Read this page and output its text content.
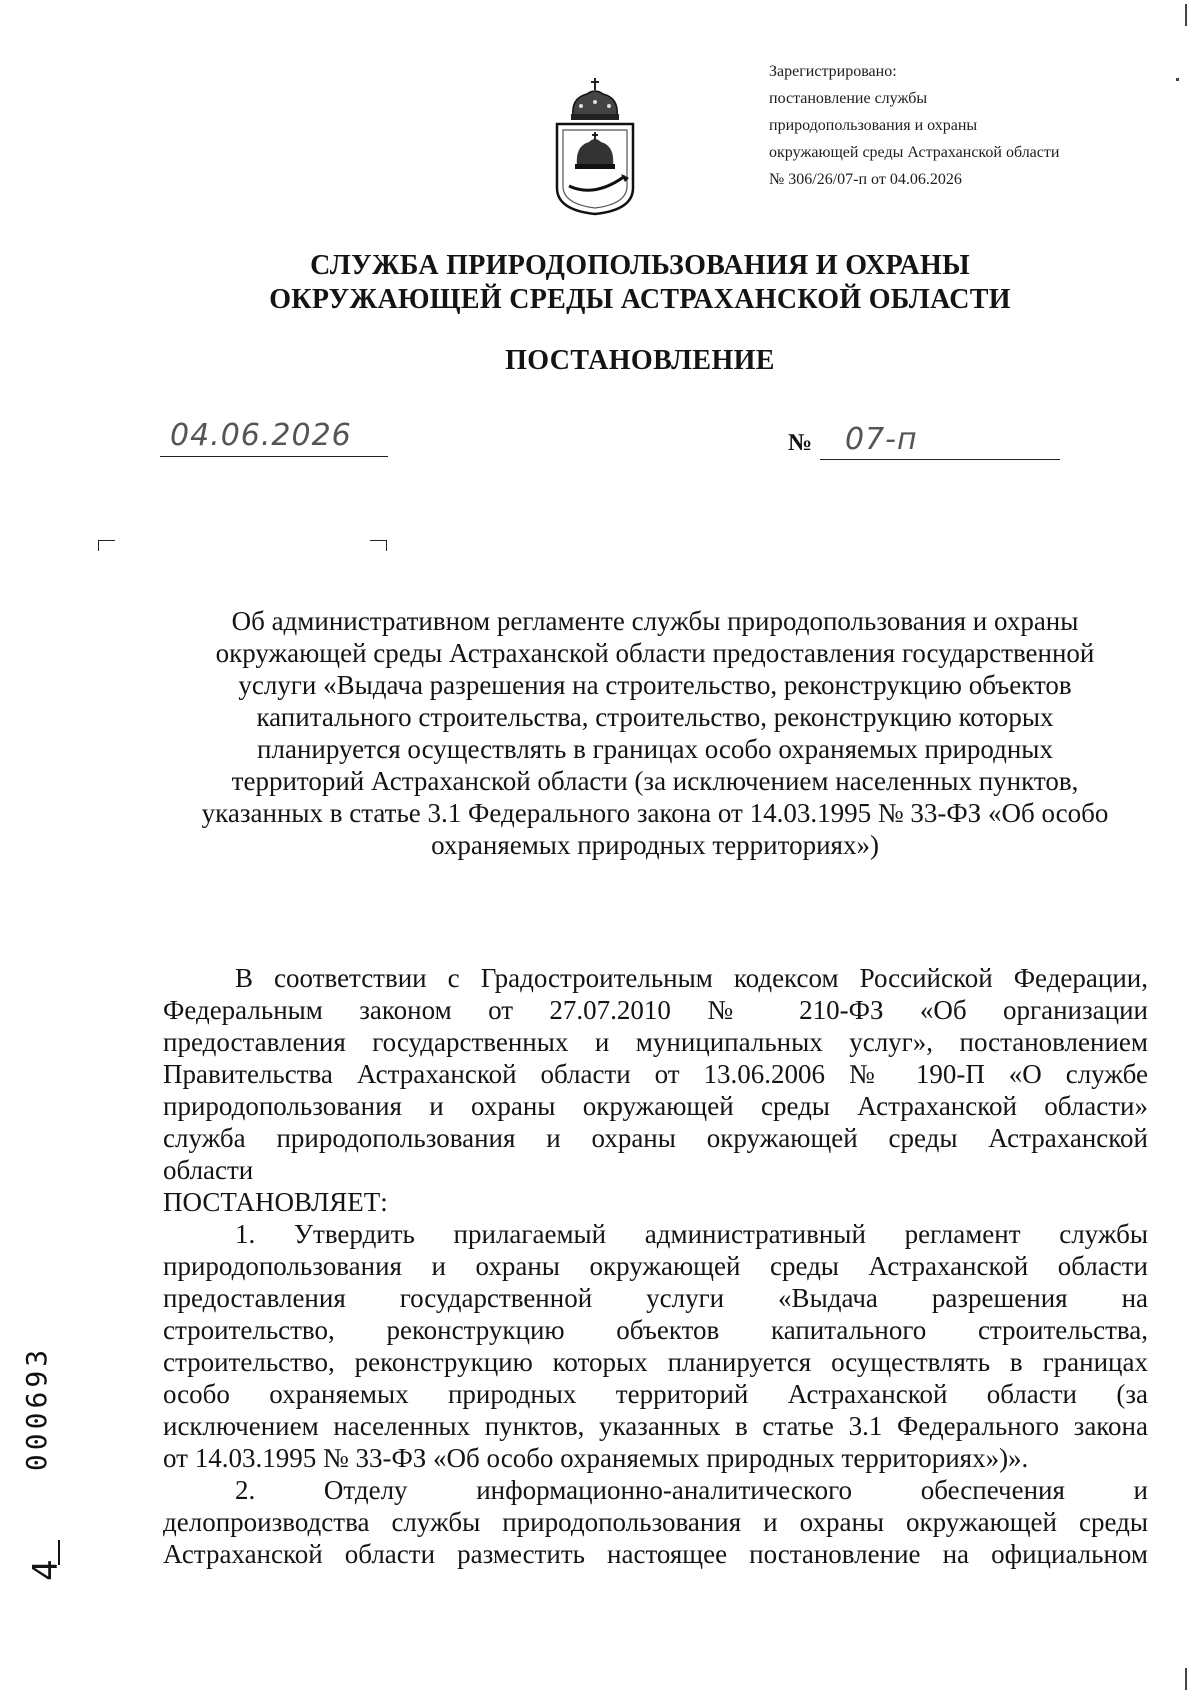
Зарегистрировано:
постановление службы
природопользования и охраны
окружающей среды Астраханской области
№ 306/26/07-п от 04.06.2026
СЛУЖБА ПРИРОДОПОЛЬЗОВАНИЯ И ОХРАНЫ
ОКРУЖАЮЩЕЙ СРЕДЫ АСТРАХАНСКОЙ ОБЛАСТИ
ПОСТАНОВЛЕНИЕ
04.06.2026	№ 07-п
Об административном регламенте службы природопользования и охраны
окружающей среды Астраханской области предоставления государственной
услуги «Выдача разрешения на строительство, реконструкцию объектов
капитального строительства, строительство, реконструкцию которых
планируется осуществлять в границах особо охраняемых природных
территорий Астраханской области (за исключением населенных пунктов,
указанных в статье 3.1 Федерального закона от 14.03.1995 № 33-ФЗ «Об особо
охраняемых природных территориях»)
В соответствии с Градостроительным кодексом Российской Федерации,
Федеральным законом от 27.07.2010 № 210-ФЗ «Об организации
предоставления государственных и муниципальных услуг», постановлением
Правительства Астраханской области от 13.06.2006 № 190-П «О службе
природопользования и охраны окружающей среды Астраханской области»
служба природопользования и охраны окружающей среды Астраханской
области
ПОСТАНОВЛЯЕТ:
1. Утвердить прилагаемый административный регламент службы
природопользования и охраны окружающей среды Астраханской области
предоставления государственной услуги «Выдача разрешения на
строительство, реконструкцию объектов капитального строительства,
строительство, реконструкцию которых планируется осуществлять в границах
особо охраняемых природных территорий Астраханской области (за
исключением населенных пунктов, указанных в статье 3.1 Федерального закона
от 14.03.1995 № 33-ФЗ «Об особо охраняемых природных территориях»)».
2. Отделу информационно-аналитического обеспечения и
делопроизводства службы природопользования и охраны окружающей среды
Астраханской области разместить настоящее постановление на официальном
000693
4
